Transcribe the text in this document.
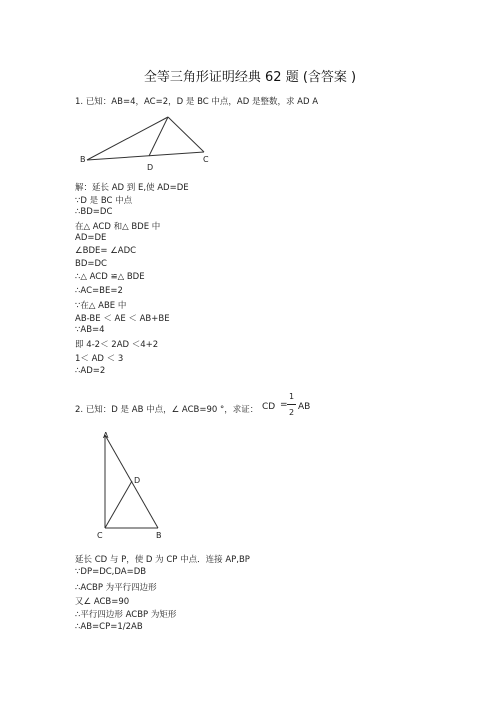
全等三角形证明经典 62 题 (含答案 )
1. 已知：AB=4，AC=2，D 是 BC 中点，AD 是整数，求 AD A
B	C
D
解：延长 AD 到 E,使 AD=DE
∵D 是 BC 中点
∴BD=DC
在△ ACD 和△ BDE 中
AD=DE
∠BDE= ∠ADC
BD=DC
∴△ ACD ≌△ BDE
∴AC=BE=2
∵在△ ABE 中
AB-BE ＜ AE ＜ AB+BE
∵AB=4
即 4-2＜ 2AD ＜4+2
1＜ AD ＜ 3
∴AD=2
2. 已知：D 是 AB 中点，∠ ACB=90 °，求证： CD =
1
2
AB
A
C	B
D
延长 CD 与 P，使 D 为 CP 中点．连接 AP,BP
∵DP=DC,DA=DB
∴ACBP 为平行四边形
又∠ ACB=90
∴平行四边形 ACBP 为矩形
∴AB=CP=1/2AB
